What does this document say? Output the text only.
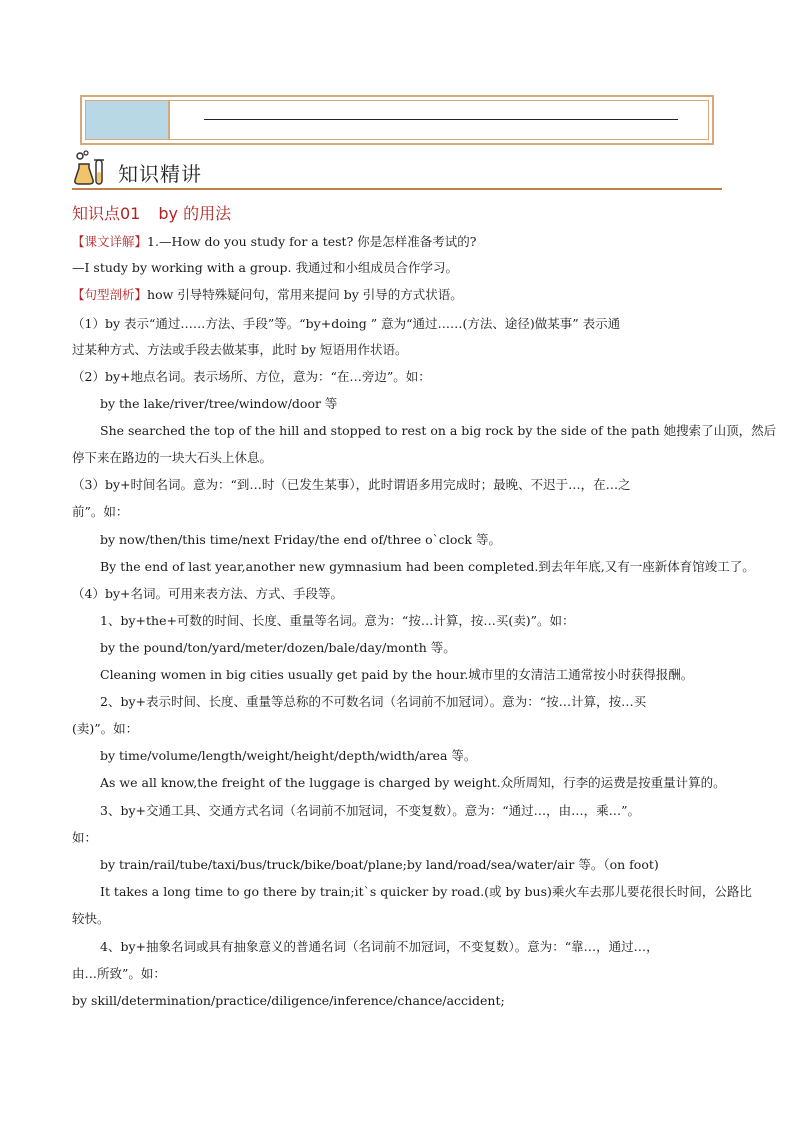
知识精讲
知识点01 by 的用法
【课文详解】1.—How do you study for a test? 你是怎样准备考试的?
—I study by working with a group. 我通过和小组成员合作学习。
【句型剖析】how 引导特殊疑问句，常用来提问 by 引导的方式状语。
（1）by 表示“通过……方法、手段”等。“by+doing ” 意为“通过……(方法、途径)做某事” 表示通
过某种方式、方法或手段去做某事，此时 by 短语用作状语。
（2）by+地点名词。表示场所、方位，意为：“在…旁边”。如：
by the lake/river/tree/window/door 等
She searched the top of the hill and stopped to rest on a big rock by the side of the path 她搜索了山顶，然后
停下来在路边的一块大石头上休息。
（3）by+时间名词。意为：“到…时（已发生某事），此时谓语多用完成时；最晚、不迟于…，在…之
前”。如：
by now/then/this time/next Friday/the end of/three o`clock 等。
By the end of last year,another new gymnasium had been completed.到去年年底,又有一座新体育馆竣工了。
（4）by+名词。可用来表方法、方式、手段等。
1、by+the+可数的时间、长度、重量等名词。意为：“按…计算，按…买(卖)”。如：
by the pound/ton/yard/meter/dozen/bale/day/month 等。
Cleaning women in big cities usually get paid by the hour.城市里的女清洁工通常按小时获得报酬。
2、by+表示时间、长度、重量等总称的不可数名词（名词前不加冠词）。意为：“按…计算，按…买
(卖)”。如：
by time/volume/length/weight/height/depth/width/area 等。
As we all know,the freight of the luggage is charged by weight.众所周知，行李的运费是按重量计算的。
3、by+交通工具、交通方式名词（名词前不加冠词，不变复数）。意为：“通过…，由…，乘…”。
如：
by train/rail/tube/taxi/bus/truck/bike/boat/plane;by land/road/sea/water/air 等。（on foot)
It takes a long time to go there by train;it`s quicker by road.(或 by bus)乘火车去那儿要花很长时间，公路比
较快。
4、by+抽象名词或具有抽象意义的普通名词（名词前不加冠词，不变复数）。意为：“靠…，通过…，
由…所致”。如：
by skill/determination/practice/diligence/inference/chance/accident;
